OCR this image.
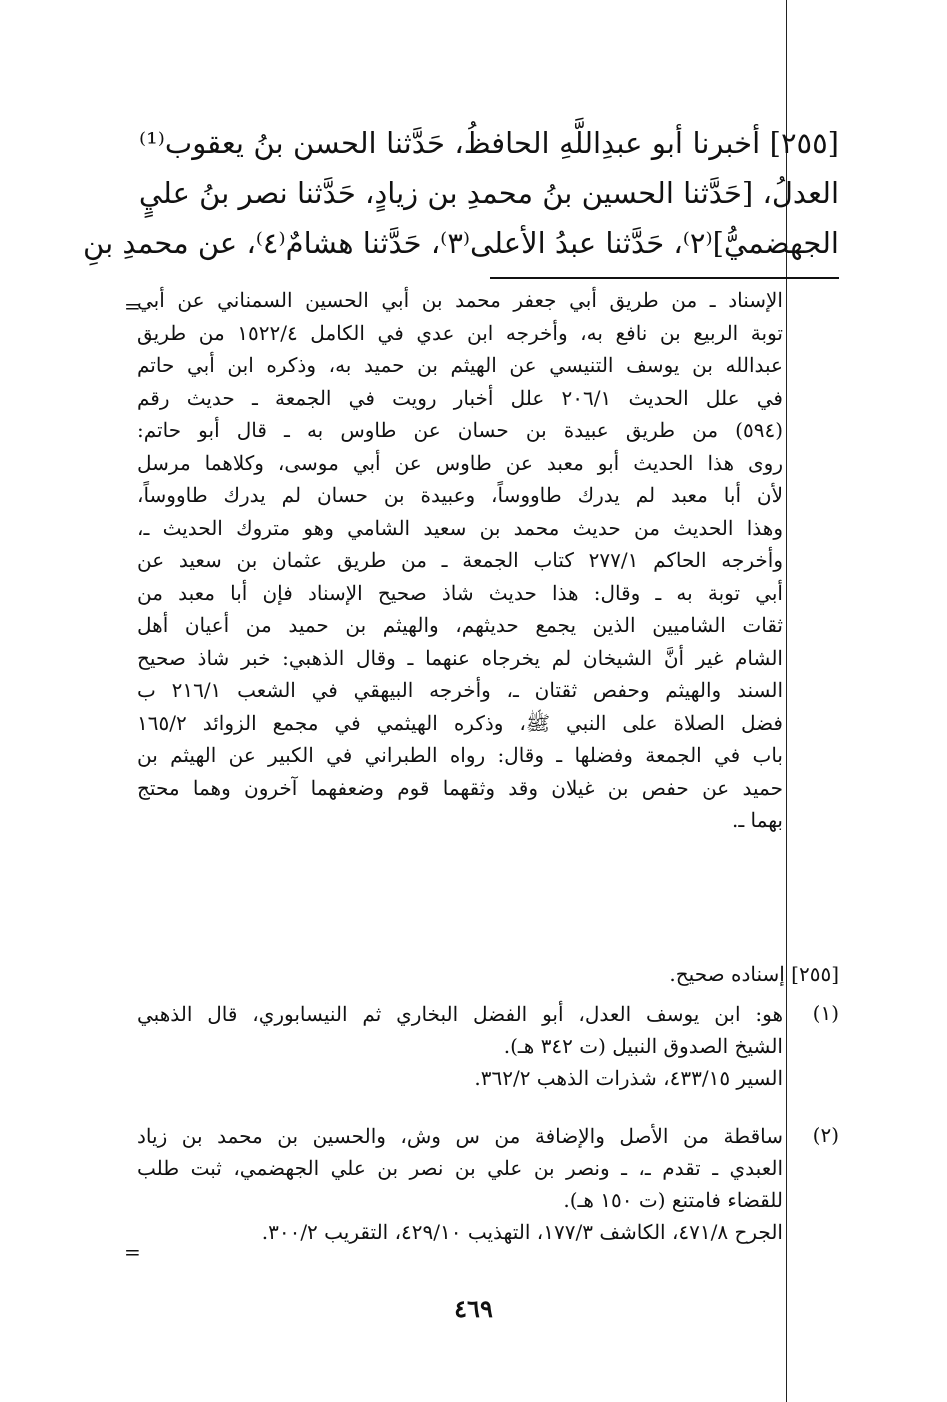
[٢٥٥] أخبرنا أبو عبدِاللَّهِ الحافظُ، حَدَّثنا الحسن بنُ يعقوب⁽¹⁾
العدلُ، [حَدَّثنا الحسين بنُ محمدِ بن زيادٍ، حَدَّثنا نصر بنُ عليٍ
الجهضميُّ]⁽٢⁾، حَدَّثنا عبدُ الأعلى⁽٣⁾، حَدَّثنا هشامٌ⁽٤⁾، عن محمدِ بنِ
=
الإسناد ـ من طريق أبي جعفر محمد بن أبي الحسين السمناني عن أبي
توبة الربيع بن نافع به، وأخرجه ابن عدي في الكامل ١٥٢٢/٤ من طريق
عبدالله بن يوسف التنيسي عن الهيثم بن حميد به، وذكره ابن أبي حاتم
في علل الحديث ٢٠٦/١ علل أخبار رويت في الجمعة ـ حديث رقم
(٥٩٤) من طريق عبيدة بن حسان عن طاوس به ـ قال أبو حاتم:
روى هذا الحديث أبو معبد عن طاوس عن أبي موسى، وكلاهما مرسل
لأن أبا معبد لم يدرك طاووساً، وعبيدة بن حسان لم يدرك طاووساً،
وهذا الحديث من حديث محمد بن سعيد الشامي وهو متروك الحديث ـ،
وأخرجه الحاكم ٢٧٧/١ كتاب الجمعة ـ من طريق عثمان بن سعيد عن
أبي توبة به ـ وقال: هذا حديث شاذ صحيح الإسناد فإن أبا معبد من
ثقات الشاميين الذين يجمع حديثهم، والهيثم بن حميد من أعيان أهل
الشام غير أنَّ الشيخان لم يخرجاه عنهما ـ وقال الذهبي: خبر شاذ صحيح
السند والهيثم وحفص ثقتان ـ، وأخرجه البيهقي في الشعب ٢١٦/١ ب
فضل الصلاة على النبي ﷺ، وذكره الهيثمي في مجمع الزوائد ١٦٥/٢
باب في الجمعة وفضلها ـ وقال: رواه الطبراني في الكبير عن الهيثم بن
حميد عن حفص بن غيلان وقد وثقهما قوم وضعفهما آخرون وهما محتج
بهما ـ.
[٢٥٥] إسناده صحيح.
(١)
هو: ابن يوسف العدل، أبو الفضل البخاري ثم النيسابوري، قال الذهبي
الشيخ الصدوق النبيل (ت ٣٤٢ هـ).
السير ٤٣٣/١٥، شذرات الذهب ٣٦٢/٢.
(٢)
ساقطة من الأصل والإضافة من س وش، والحسين بن محمد بن زياد
العبدي ـ تقدم ـ، ـ ونصر بن علي بن نصر بن علي الجهضمي، ثبت طلب
للقضاء فامتنع (ت ١٥٠ هـ).
الجرح ٤٧١/٨، الكاشف ١٧٧/٣، التهذيب ٤٢٩/١٠، التقريب ٣٠٠/٢.
=
٤٦٩
